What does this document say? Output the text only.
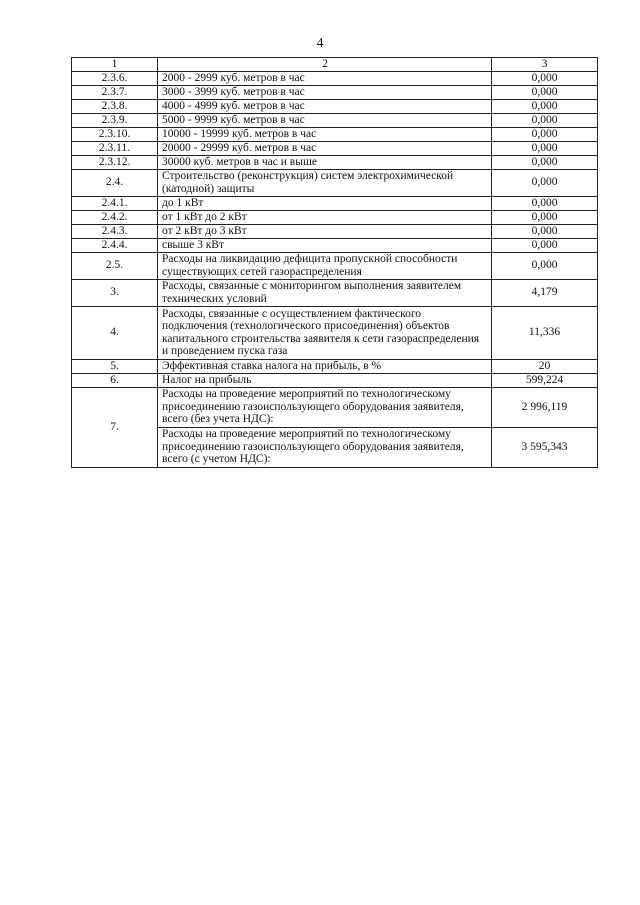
4
1	2	3
2.3.6.	2000 - 2999 куб. метров в час	0,000
2.3.7.	3000 - 3999 куб. метров в час	0,000
2.3.8.	4000 - 4999 куб. метров в час	0,000
2.3.9.	5000 - 9999 куб. метров в час	0,000
2.3.10.	10000 - 19999 куб. метров в час	0,000
2.3.11.	20000 - 29999 куб. метров в час	0,000
2.3.12.	30000 куб. метров в час и выше	0,000
2.4.	Строительство (реконструкция) систем электрохимической (катодной) защиты	0,000
2.4.1.	до 1 кВт	0,000
2.4.2.	от 1 кВт до 2 кВт	0,000
2.4.3.	от 2 кВт до 3 кВт	0,000
2.4.4.	свыше 3 кВт	0,000
2.5.	Расходы на ликвидацию дефицита пропускной способности существующих сетей газораспределения	0,000
3.	Расходы, связанные с мониторингом выполнения заявителем технических условий	4,179
4.	Расходы, связанные с осуществлением фактического подключения (технологического присоединения) объектов капитального строительства заявителя к сети газораспределения и проведением пуска газа	11,336
5.	Эффективная ставка налога на прибыль, в %	20
6.	Налог на прибыль	599,224
7.	Расходы на проведение мероприятий по технологическому присоединению газоиспользующего оборудования заявителя, всего (без учета НДС):	2 996,119
	Расходы на проведение мероприятий по технологическому присоединению газоиспользующего оборудования заявителя, всего (с учетом НДС):	3 595,343
